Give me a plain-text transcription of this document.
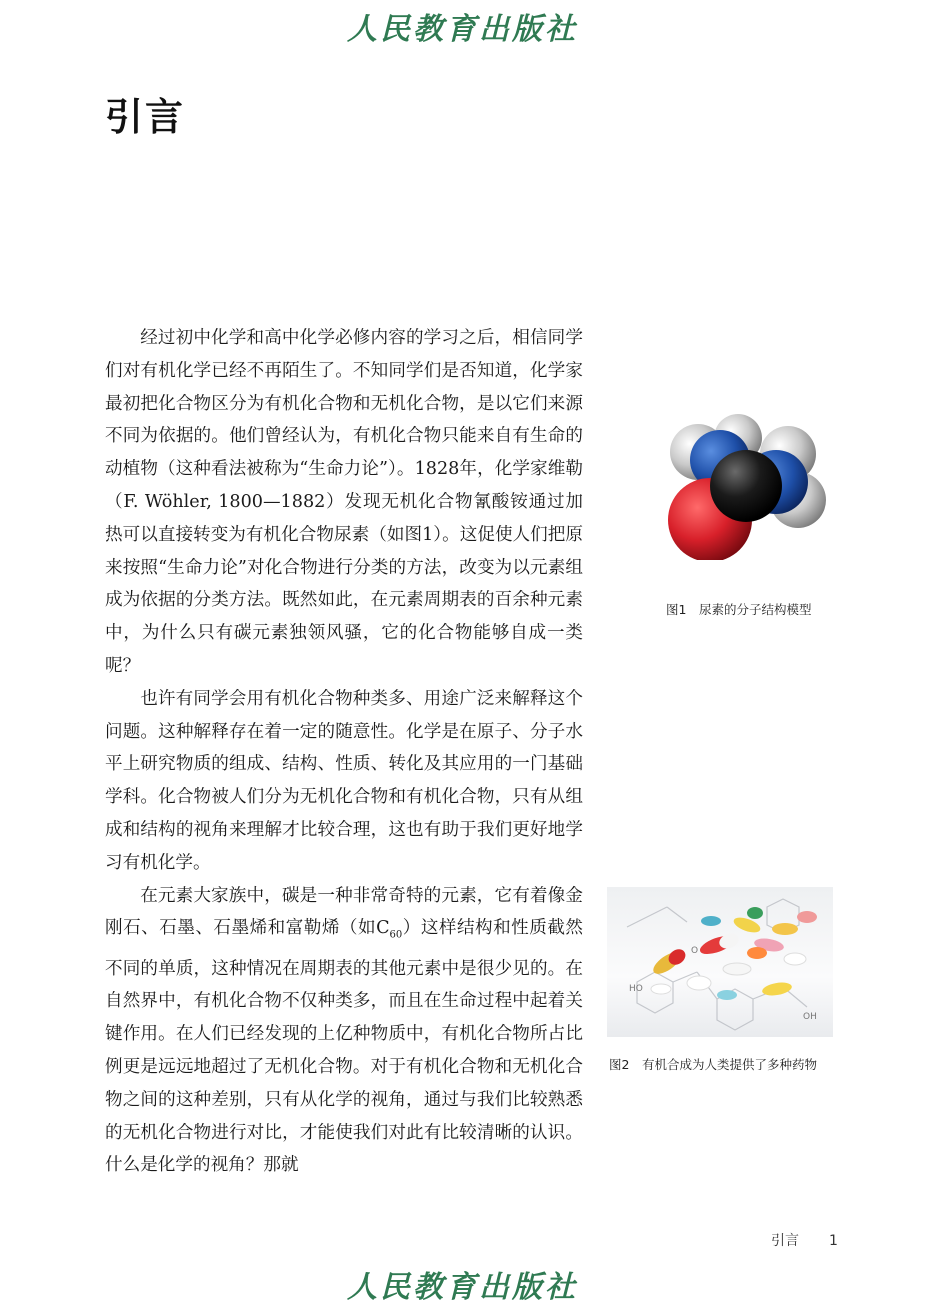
人民教育出版社
引言

经过初中化学和高中化学必修内容的学习之后，相信同学们对有机化学已经不再陌生了。不知同学们是否知道，化学家最初把化合物区分为有机化合物和无机化合物，是以它们来源不同为依据的。他们曾经认为，有机化合物只能来自有生命的动植物（这种看法被称为“生命力论”）。1828年，化学家维勒（F. Wöhler, 1800—1882）发现无机化合物氰酸铵通过加热可以直接转变为有机化合物尿素（如图1）。这促使人们把原来按照“生命力论”对化合物进行分类的方法，改变为以元素组成为依据的分类方法。既然如此，在元素周期表的百余种元素中，为什么只有碳元素独领风骚，它的化合物能够自成一类呢？

也许有同学会用有机化合物种类多、用途广泛来解释这个问题。这种解释存在着一定的随意性。化学是在原子、分子水平上研究物质的组成、结构、性质、转化及其应用的一门基础学科。化合物被人们分为无机化合物和有机化合物，只有从组成和结构的视角来理解才比较合理，这也有助于我们更好地学习有机化学。

在元素大家族中，碳是一种非常奇特的元素，它有着像金刚石、石墨、石墨烯和富勒烯（如$C_{60}$）这样结构和性质截然不同的单质，这种情况在周期表的其他元素中是很少见的。在自然界中，有机化合物不仅种类多，而且在生命过程中起着关键作用。在人们已经发现的上亿种物质中，有机化合物所占比例更是远远地超过了无机化合物。对于有机化合物和无机化合物之间的这种差别，只有从化学的视角，通过与我们比较熟悉的无机化合物进行对比，才能使我们对此有比较清晰的认识。什么是化学的视角？那就

图1　尿素的分子结构模型
HO
O
OH
图2　有机合成为人类提供了多种药物
引言 1
人民教育出版社
